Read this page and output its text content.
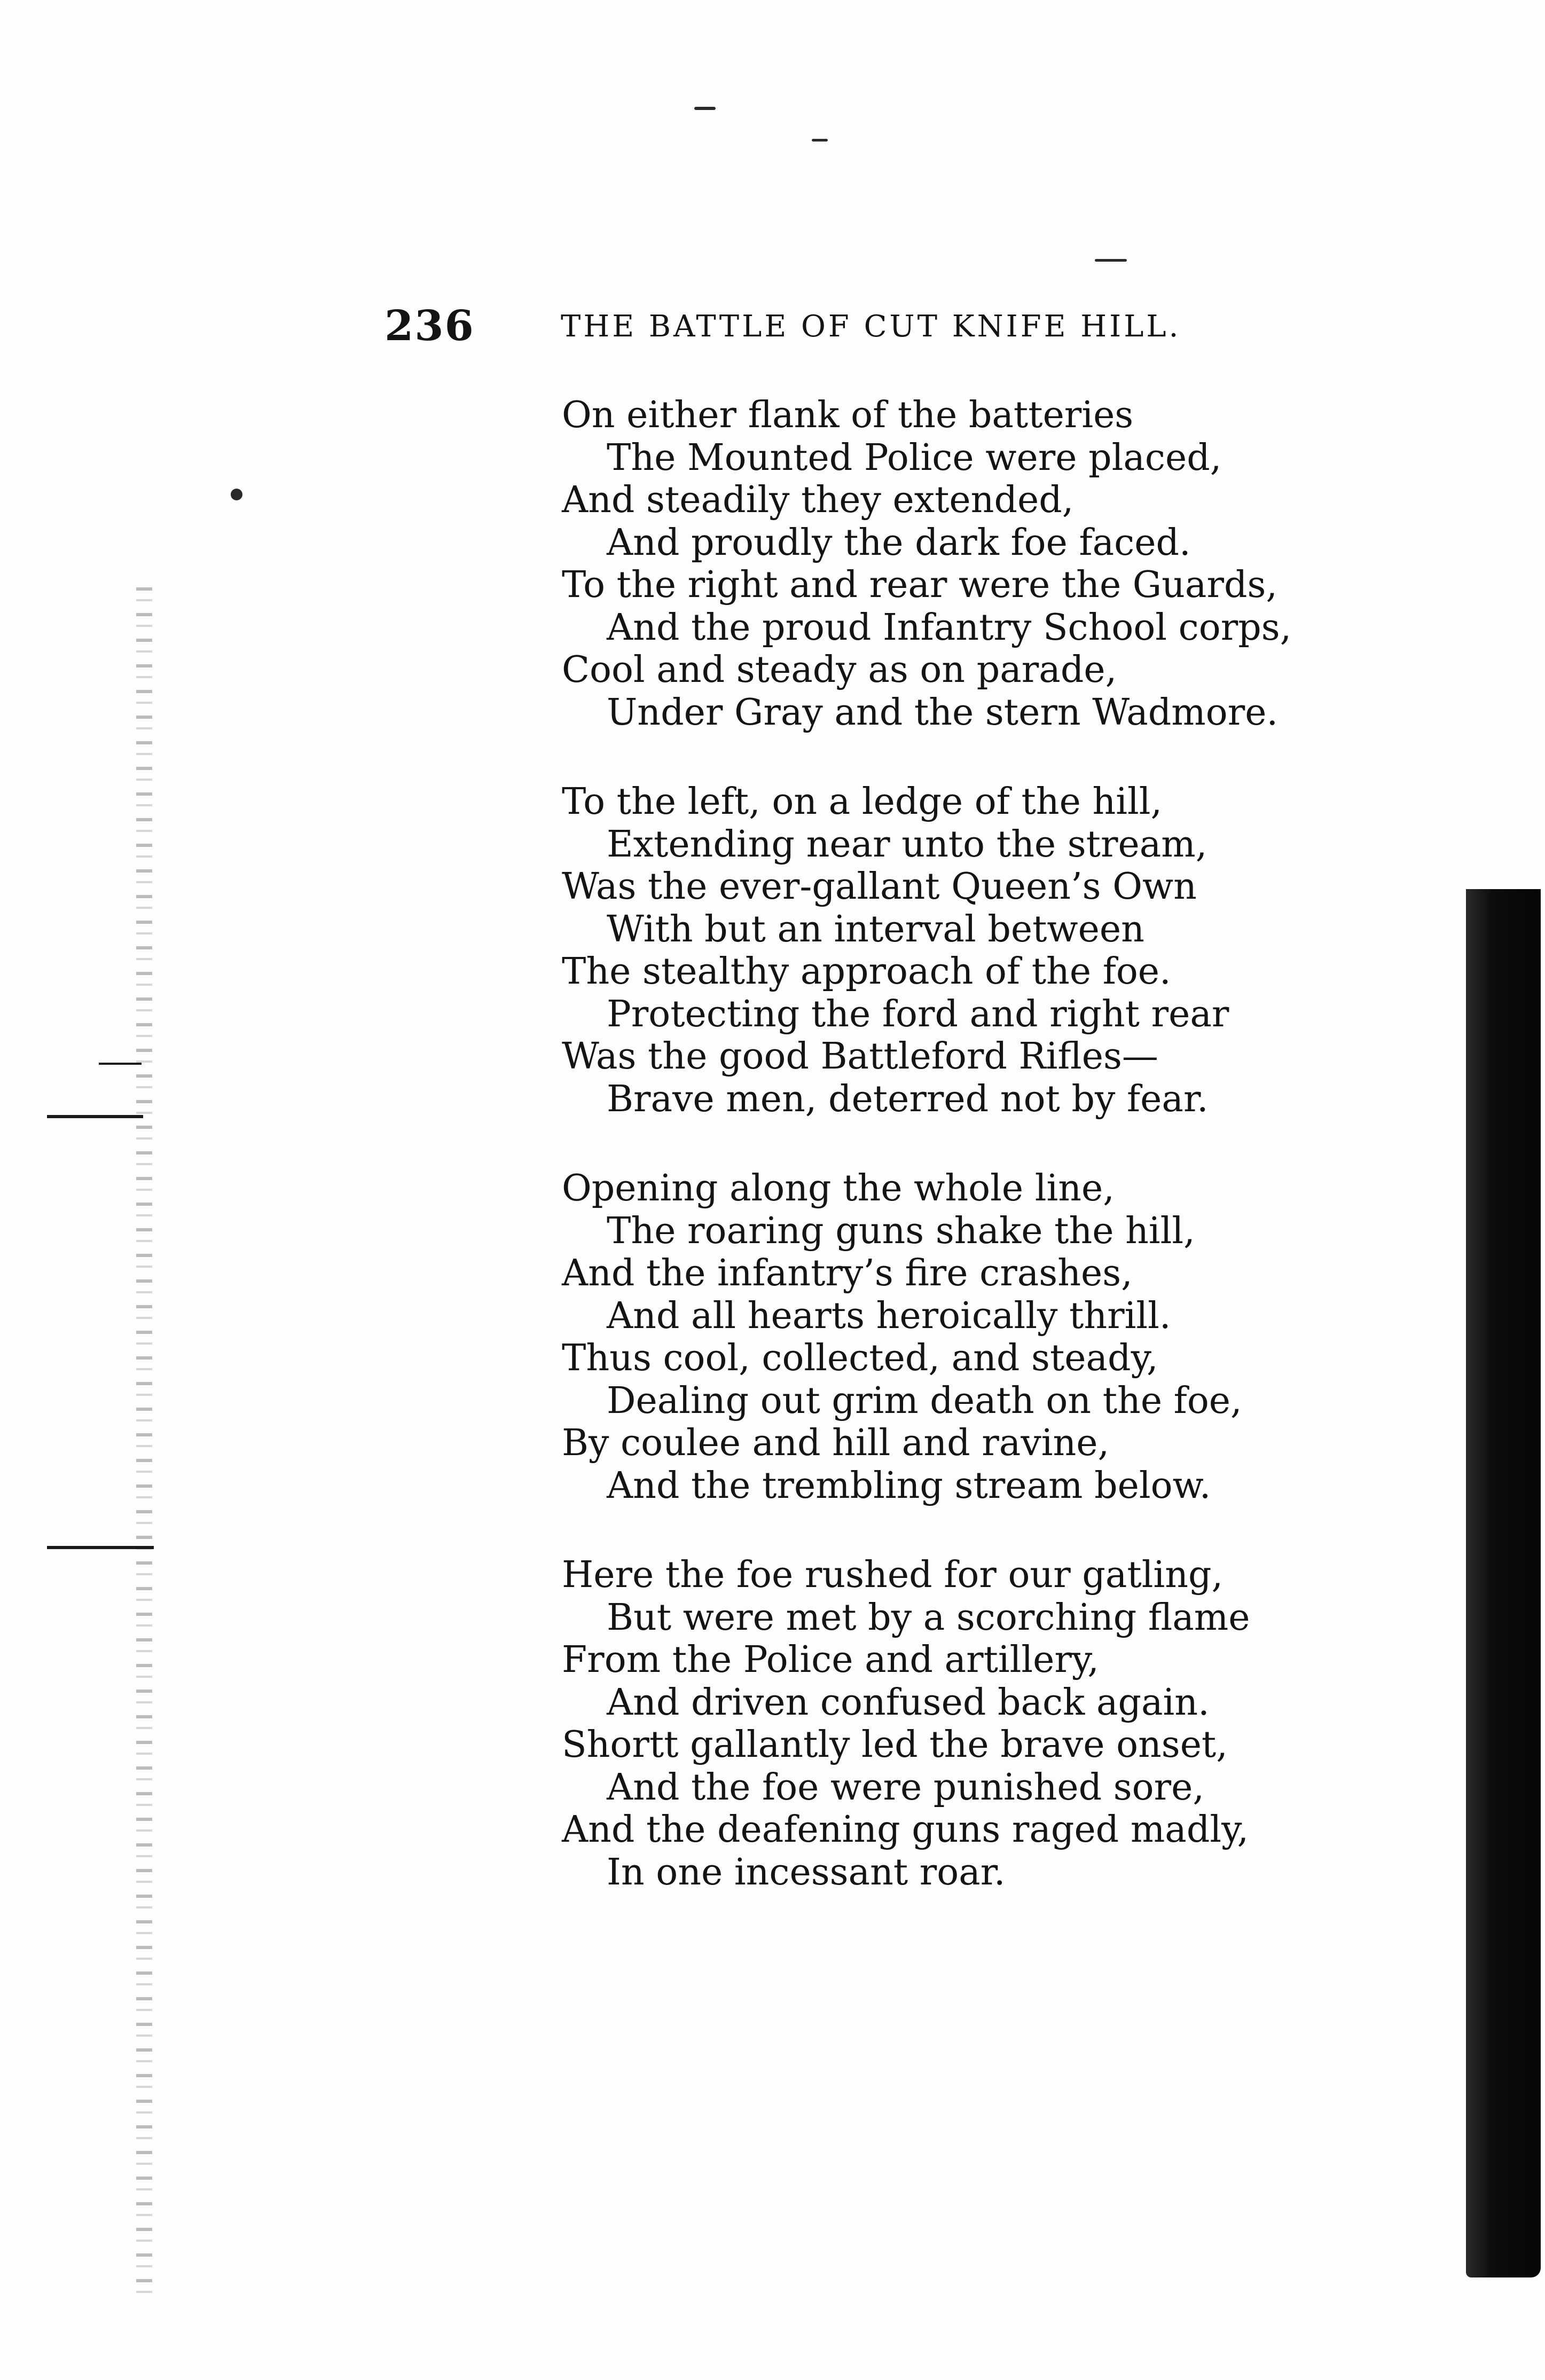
236	THE BATTLE OF CUT KNIFE HILL.
On either flank of the batteries
The Mounted Police were placed,
And steadily they extended,
And proudly the dark foe faced.
To the right and rear were the Guards,
And the proud Infantry School corps,
Cool and steady as on parade,
Under Gray and the stern Wadmore.
To the left, on a ledge of the hill,
Extending near unto the stream,
Was the ever-gallant Queen’s Own
With but an interval between
The stealthy approach of the foe.
Protecting the ford and right rear
Was the good Battleford Rifles—
Brave men, deterred not by fear.
Opening along the whole line,
The roaring guns shake the hill,
And the infantry’s fire crashes,
And all hearts heroically thrill.
Thus cool, collected, and steady,
Dealing out grim death on the foe,
By coulee and hill and ravine,
And the trembling stream below.
Here the foe rushed for our gatling,
But were met by a scorching flame
From the Police and artillery,
And driven confused back again.
Shortt gallantly led the brave onset,
And the foe were punished sore,
And the deafening guns raged madly,
In one incessant roar.
